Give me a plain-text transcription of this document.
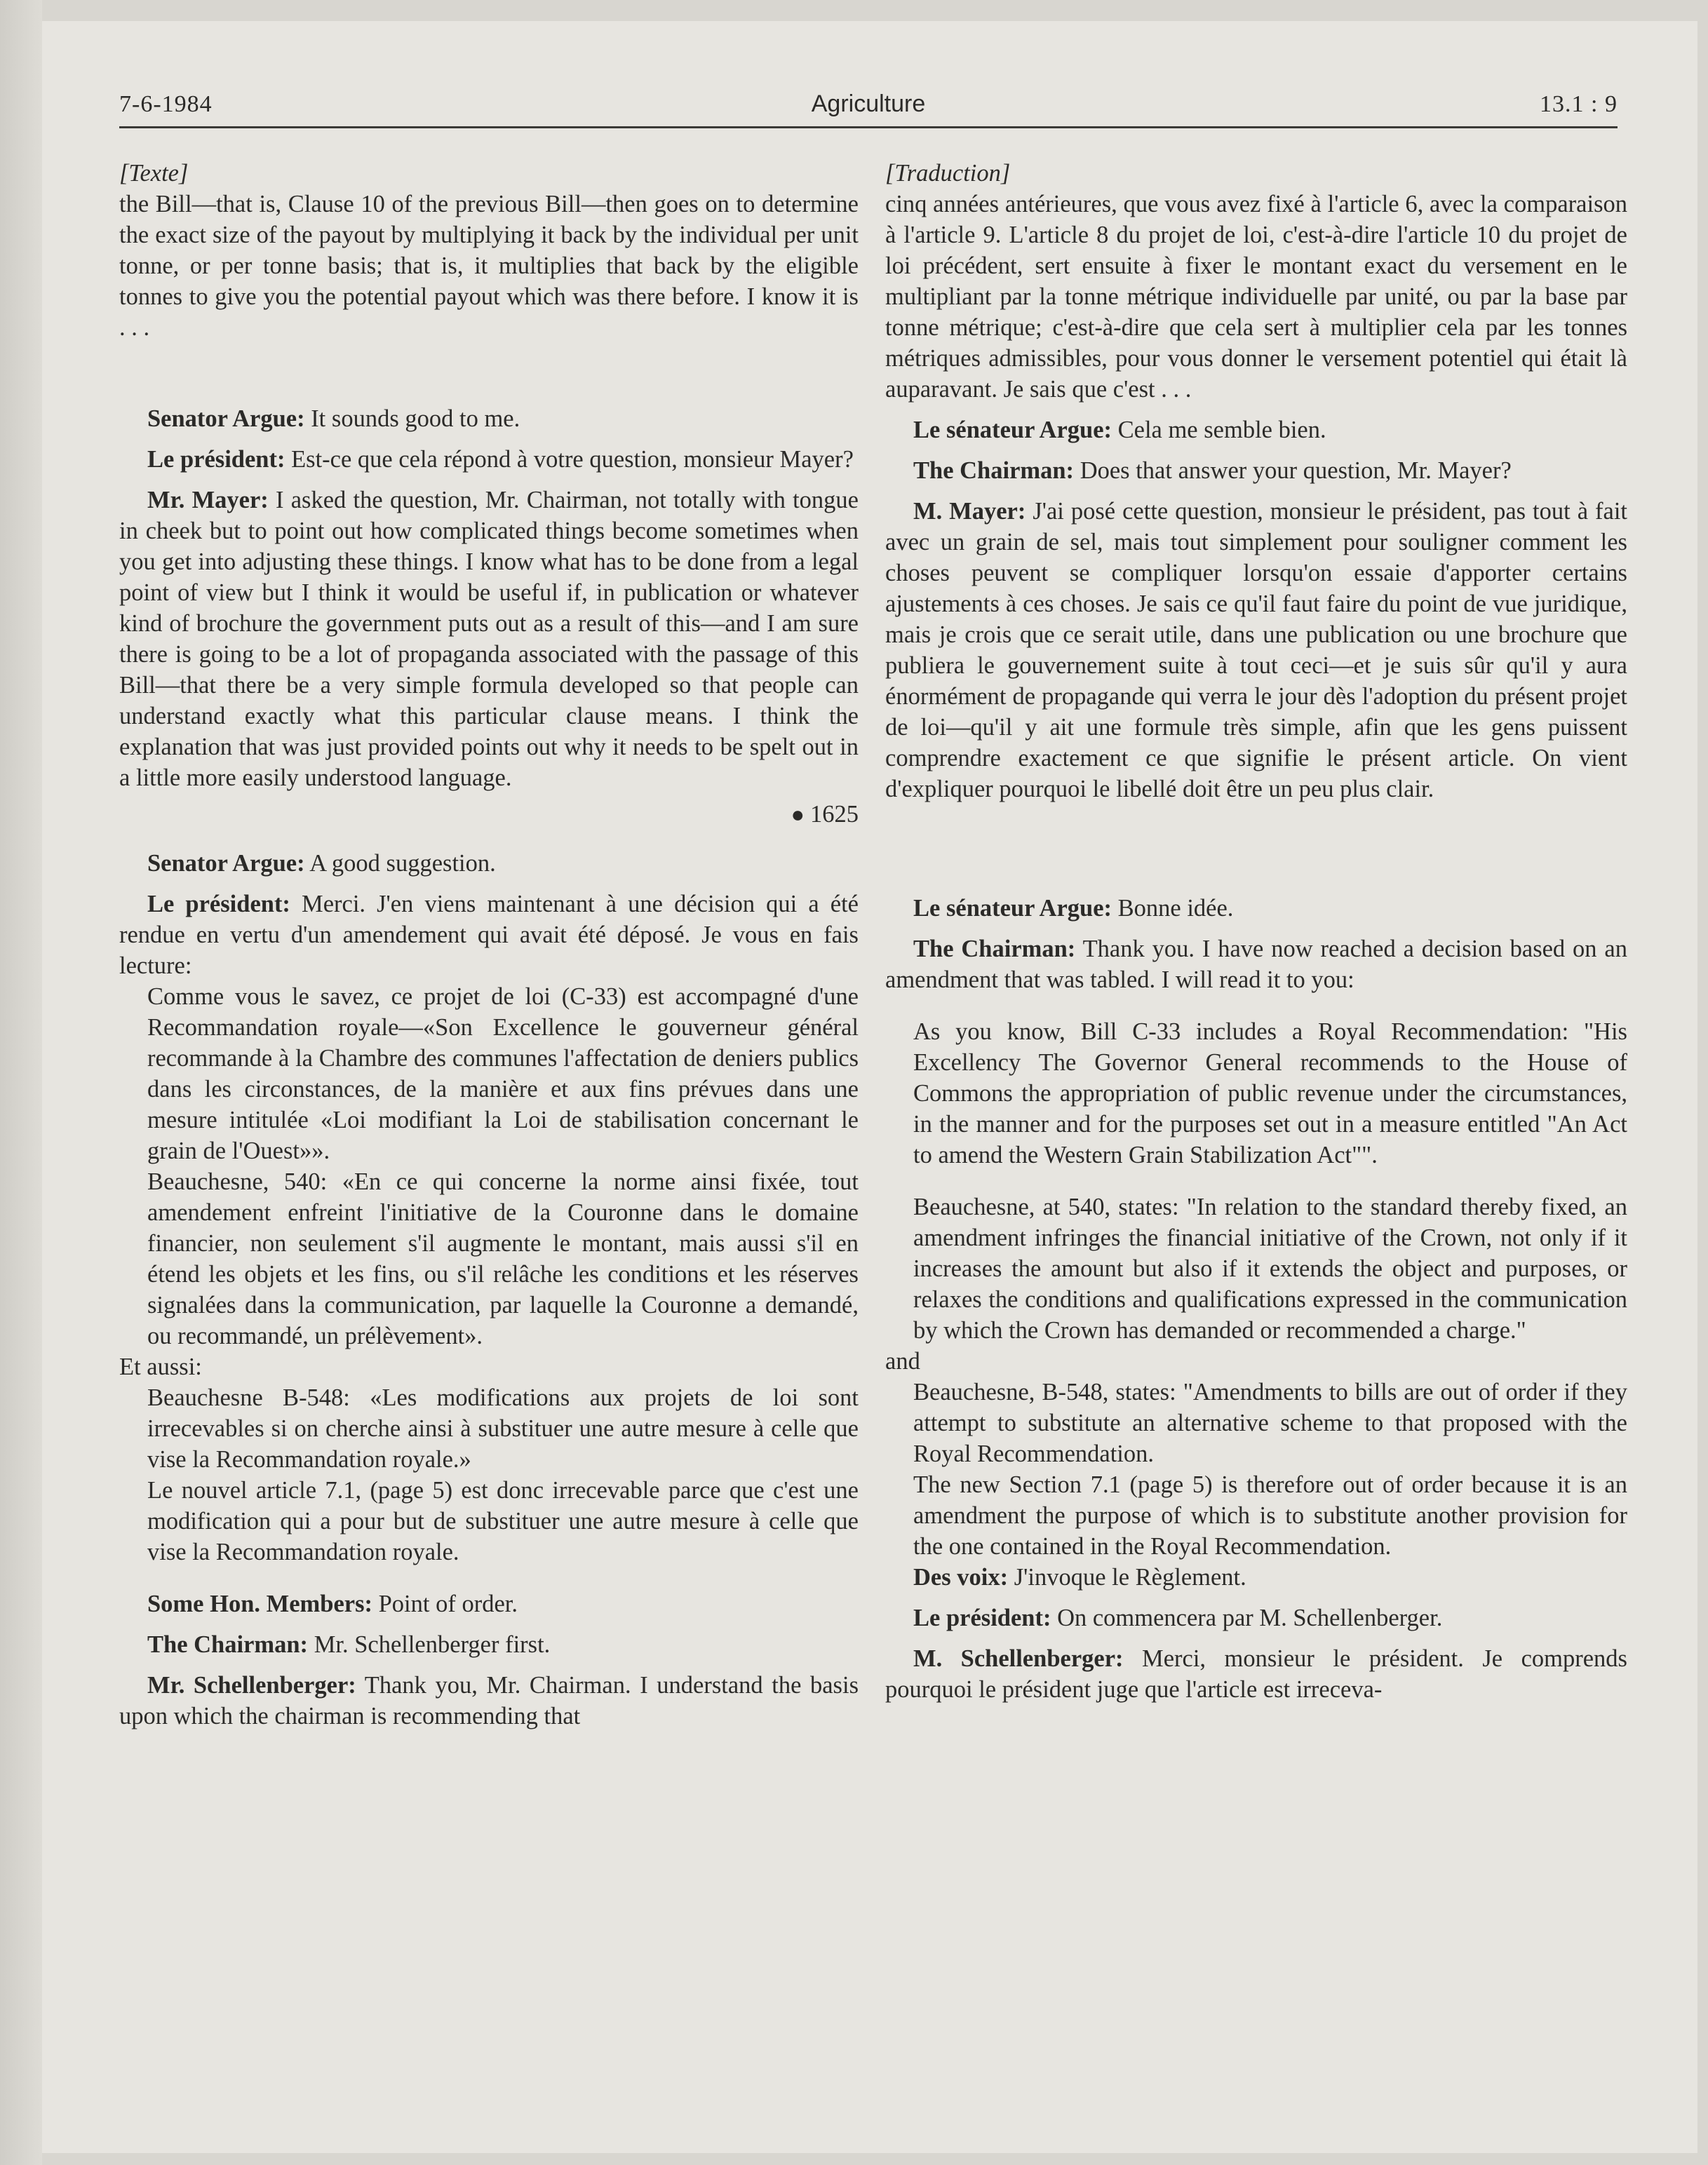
7-6-1984	Agriculture	13.1 : 9

[Texte]

the Bill—that is, Clause 10 of the previous Bill—then goes on to determine the exact size of the payout by multiplying it back by the individual per unit tonne, or per tonne basis; that is, it multiplies that back by the eligible tonnes to give you the potential payout which was there before. I know it is . . .

Senator Argue: It sounds good to me.

Le président: Est-ce que cela répond à votre question, monsieur Mayer?

Mr. Mayer: I asked the question, Mr. Chairman, not totally with tongue in cheek but to point out how complicated things become sometimes when you get into adjusting these things. I know what has to be done from a legal point of view but I think it would be useful if, in publication or whatever kind of brochure the government puts out as a result of this—and I am sure there is going to be a lot of propaganda associated with the passage of this Bill—that there be a very simple formula developed so that people can understand exactly what this particular clause means. I think the explanation that was just provided points out why it needs to be spelt out in a little more easily understood language.

● 1625

Senator Argue: A good suggestion.

Le président: Merci. J'en viens maintenant à une décision qui a été rendue en vertu d'un amendement qui avait été déposé. Je vous en fais lecture:

Comme vous le savez, ce projet de loi (C-33) est accompagné d'une Recommandation royale—«Son Excellence le gouverneur général recommande à la Chambre des communes l'affectation de deniers publics dans les circonstances, de la manière et aux fins prévues dans une mesure intitulée «Loi modifiant la Loi de stabilisation concernant le grain de l'Ouest»».

Beauchesne, 540: «En ce qui concerne la norme ainsi fixée, tout amendement enfreint l'initiative de la Couronne dans le domaine financier, non seulement s'il augmente le montant, mais aussi s'il en étend les objets et les fins, ou s'il relâche les conditions et les réserves signalées dans la communication, par laquelle la Couronne a demandé, ou recommandé, un prélèvement».

Et aussi:

Beauchesne B-548: «Les modifications aux projets de loi sont irrecevables si on cherche ainsi à substituer une autre mesure à celle que vise la Recommandation royale.»

Le nouvel article 7.1, (page 5) est donc irrecevable parce que c'est une modification qui a pour but de substituer une autre mesure à celle que vise la Recommandation royale.

Some Hon. Members: Point of order.

The Chairman: Mr. Schellenberger first.

Mr. Schellenberger: Thank you, Mr. Chairman. I understand the basis upon which the chairman is recommending that

[Traduction]

cinq années antérieures, que vous avez fixé à l'article 6, avec la comparaison à l'article 9. L'article 8 du projet de loi, c'est-à-dire l'article 10 du projet de loi précédent, sert ensuite à fixer le montant exact du versement en le multipliant par la tonne métrique individuelle par unité, ou par la base par tonne métrique; c'est-à-dire que cela sert à multiplier cela par les tonnes métriques admissibles, pour vous donner le versement potentiel qui était là auparavant. Je sais que c'est . . .

Le sénateur Argue: Cela me semble bien.

The Chairman: Does that answer your question, Mr. Mayer?

M. Mayer: J'ai posé cette question, monsieur le président, pas tout à fait avec un grain de sel, mais tout simplement pour souligner comment les choses peuvent se compliquer lorsqu'on essaie d'apporter certains ajustements à ces choses. Je sais ce qu'il faut faire du point de vue juridique, mais je crois que ce serait utile, dans une publication ou une brochure que publiera le gouvernement suite à tout ceci—et je suis sûr qu'il y aura énormément de propagande qui verra le jour dès l'adoption du présent projet de loi—qu'il y ait une formule très simple, afin que les gens puissent comprendre exactement ce que signifie le présent article. On vient d'expliquer pourquoi le libellé doit être un peu plus clair.

Le sénateur Argue: Bonne idée.

The Chairman: Thank you. I have now reached a decision based on an amendment that was tabled. I will read it to you:

As you know, Bill C-33 includes a Royal Recommendation: "His Excellency The Governor General recommends to the House of Commons the appropriation of public revenue under the circumstances, in the manner and for the purposes set out in a measure entitled "An Act to amend the Western Grain Stabilization Act"".

Beauchesne, at 540, states: "In relation to the standard thereby fixed, an amendment infringes the financial initiative of the Crown, not only if it increases the amount but also if it extends the object and purposes, or relaxes the conditions and qualifications expressed in the communication by which the Crown has demanded or recommended a charge."

and

Beauchesne, B-548, states: "Amendments to bills are out of order if they attempt to substitute an alternative scheme to that proposed with the Royal Recommendation.

The new Section 7.1 (page 5) is therefore out of order because it is an amendment the purpose of which is to substitute another provision for the one contained in the Royal Recommendation.

Des voix: J'invoque le Règlement.

Le président: On commencera par M. Schellenberger.

M. Schellenberger: Merci, monsieur le président. Je comprends pourquoi le président juge que l'article est irreceva-
